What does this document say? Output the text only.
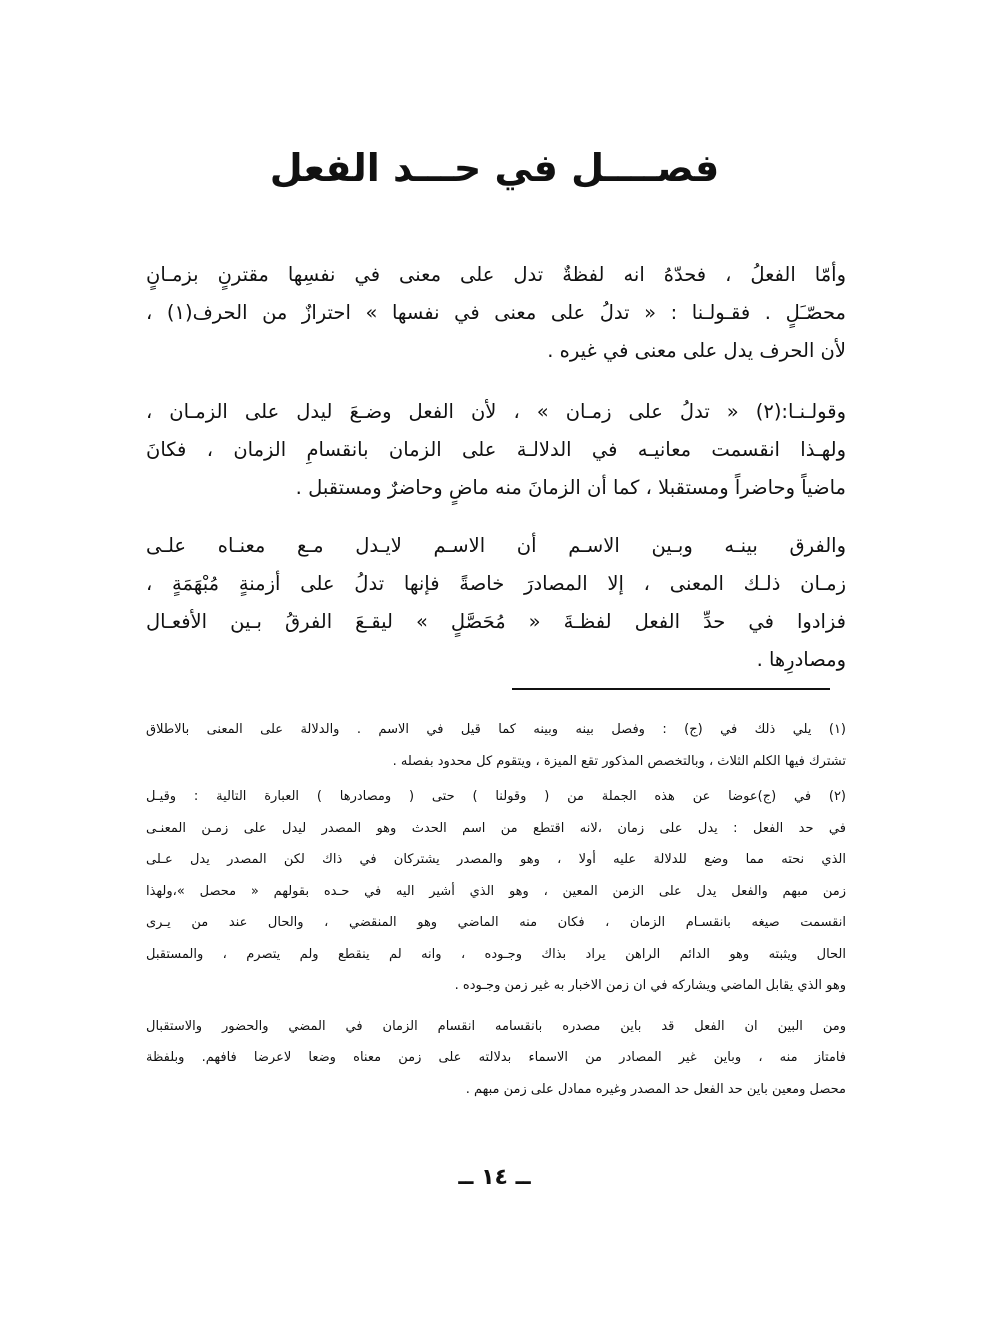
فصــــل في حـــد الفعل
وأمّا الفعلُ ، فحدّهُ انه لفظةٌ تدل على معنى في نفسِها مقترنٍ بزمـانٍ
محصّـَلٍ . فقـولـنا : « تدلُ على معنى في نفسها » احترازٌ من الحرف(١) ،
لأن الحرف يدل على معنى في غيره .
وقولـنـا:(٢) « تدلُ على زمـان » ، لأن الفعل وضـعَ ليدل على الزمـان ،
ولهـذا انقسمت معانيـه في الدلالـة على الزمان بانقسامِ الزمان ، فكانَ
ماضياً وحاضراً ومستقبلا ، كما أن الزمانَ منه ماضٍ وحاضرٌ ومستقبل .
والفرق بينـه وبـين الاسـم أن الاسـم لايـدل مـع معنـاه علـى
زمـان ذلـك المعنى ، إلا المصادرَ خاصةً فإنها تدلُ على أزمنةٍ مُبْهَمَةٍ ،
فزادوا في حدِّ الفعل لفظـةَ « مُحَصَّلٍ » ليقـعَ الفرقُ بـين الأفعـال
ومصادرِها .
(١) يلي ذلك في (ج) : وفصل بينه وبينه كما قيل في الاسم . والدلالة على المعنى بالاطلاق
تشترك فيها الكلم الثلاث ، وبالتخصص المذكور تقع الميزة ، ويتقوم كل محدود بفصله .
(٢) في (ج)عوضا عن هذه الجملة من ( وقولنا ) حتى ( ومصادرها ) العبارة التالية : وقيـل
في حد الفعل : يدل على زمان ،لانه اقتطع من اسم الحدث وهو المصدر ليدل على زمـن المعنـى
الذي نحته مما وضع للدلالة عليه أولا ، وهو والمصدر يشتركان في ذاك لكن المصدر يدل عـلى
زمن مبهم والفعل يدل على الزمن المعين ، وهو الذي أشير اليه في حـده بقولهم « محصل »،ولهذا
انقسمت صيغه بانقسـام الزمان ، فكان منه الماضي وهو المنقضي ، والحال عند من يـرى
الحال ويثبته وهو الدائم الراهن يراد بذاك وجـوده ، وانه لم ينقطع ولم يتصرم ، والمستقبل
وهو الذي يقابل الماضي ويشاركه في ان زمن الاخبار به غير زمن وجـوده .
ومن البين ان الفعل قد باين مصدره بانقسامه انقسام الزمان في المضي والحضور والاستقبال
فامتاز منه ، وباين غير المصادر من الاسماء بدلالته على زمن معناه وضعا لاعرضا فافهم. وبلفظة
محصل ومعين باين حد الفعل حد المصدر وغيره ممادل على زمن مبهم .
ــ ١٤ ــ
